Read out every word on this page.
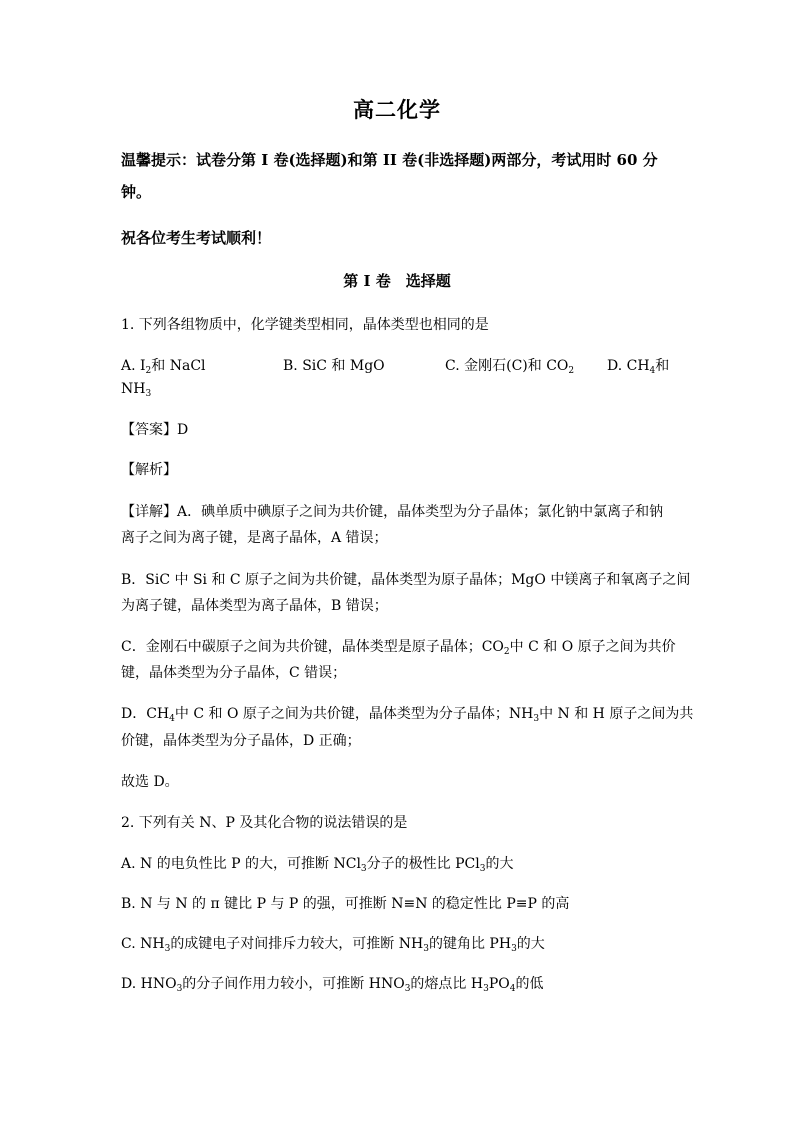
高二化学
温馨提示：试卷分第 I 卷(选择题)和第 II 卷(非选择题)两部分，考试用时 60 分
钟。
祝各位考生考试顺利！
第 I 卷　选择题
1. 下列各组物质中，化学键类型相同，晶体类型也相同的是
A. $I_2$和 NaCl	B. SiC 和 MgO	C. 金刚石(C)和 $CO_2$ D. $CH_4$和
$NH_3$
【答案】D
【解析】
【详解】A．碘单质中碘原子之间为共价键，晶体类型为分子晶体；氯化钠中氯离子和钠
离子之间为离子键，是离子晶体，A 错误；
B．SiC 中 Si 和 C 原子之间为共价键，晶体类型为原子晶体；MgO 中镁离子和氧离子之间
为离子键，晶体类型为离子晶体，B 错误；
C．金刚石中碳原子之间为共价键，晶体类型是原子晶体；$CO_2$中 C 和 O 原子之间为共价
键，晶体类型为分子晶体，C 错误；
D．$CH_4$中 C 和 O 原子之间为共价键，晶体类型为分子晶体；$NH_3$中 N 和 H 原子之间为共
价键，晶体类型为分子晶体，D 正确；
故选 D。
2. 下列有关 N、P 及其化合物的说法错误的是
A. N 的电负性比 P 的大，可推断 NCl$_3$分子的极性比 PCl$_3$的大
B. N 与 N 的 π 键比 P 与 P 的强，可推断 N≡N 的稳定性比 P≡P 的高
C. $NH_3$的成键电子对间排斥力较大，可推断 $NH_3$的键角比 $PH_3$的大
D. $HNO_3$的分子间作用力较小，可推断 $HNO_3$的熔点比 $H_3PO_4$的低
